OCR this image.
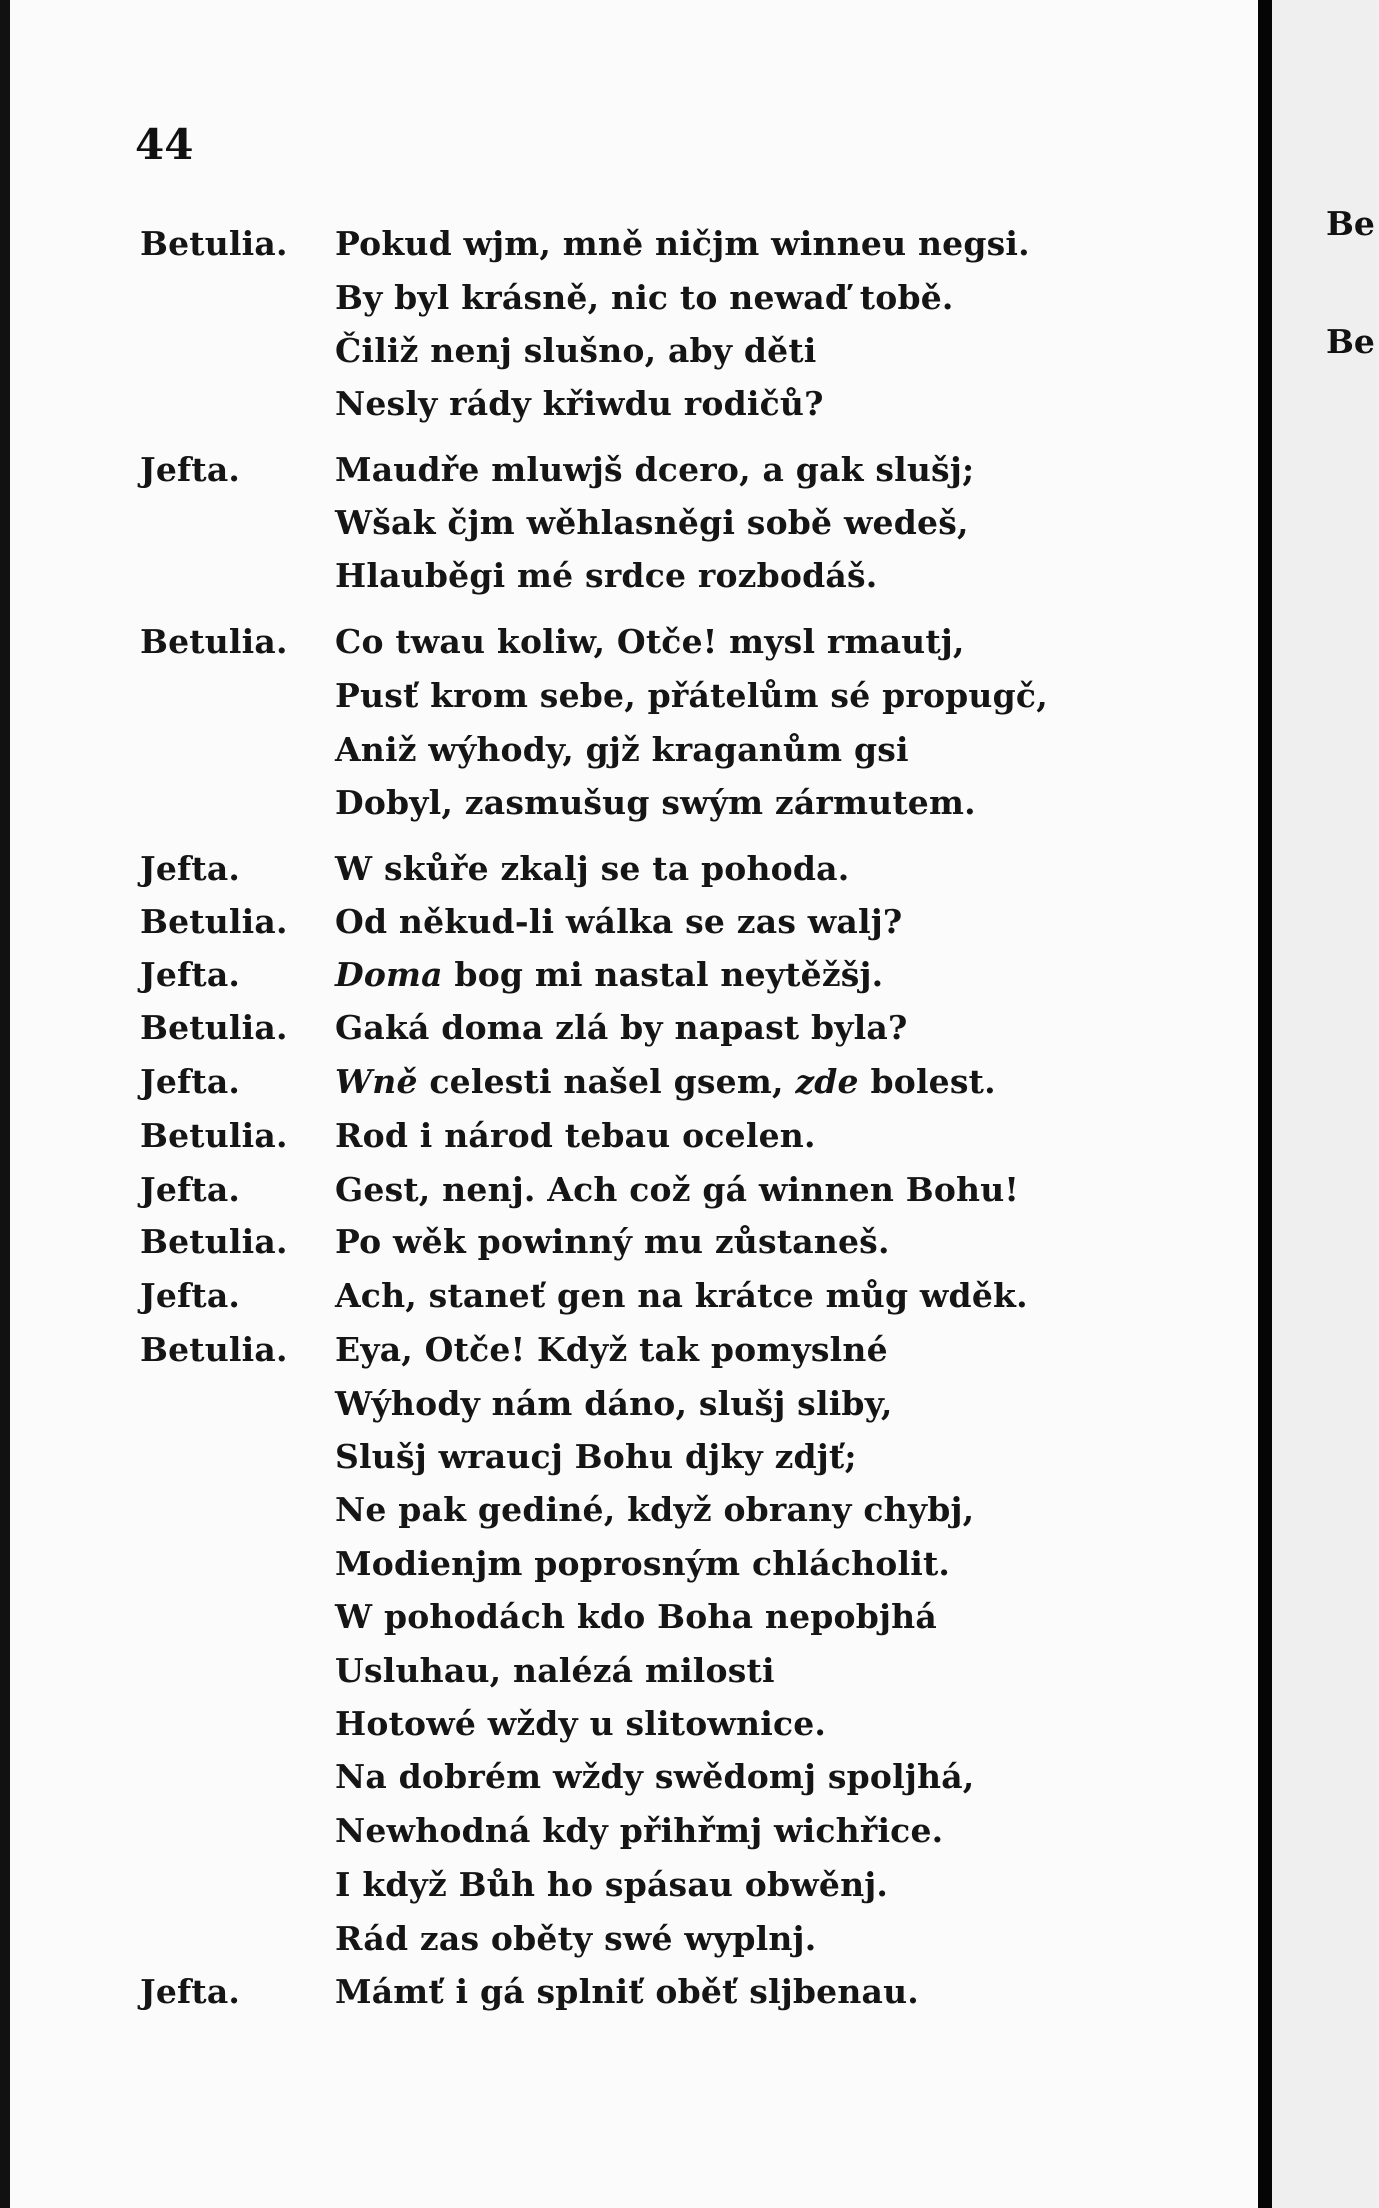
44
Betulia. Pokud wjm, mně ničjm winneu negsi.
By byl krásně, nic to newaď tobě.
Čiliž nenj slušno, aby děti
Nesly rády křiwdu rodičů?
Jefta.	Maudře mluwjš dcero, a gak slušj;
Wšak čjm wěhlasněgi sobě wedeš,
Hlauběgi mé srdce rozbodáš.
Betulia. Co twau koliw, Otče! mysl rmautj,
Pusť krom sebe, přátelům sé propugč,
Aniž wýhody, gjž kraganům gsi
Dobyl, zasmušug swým zármutem.
Jefta.	W skůře zkalj se ta pohoda.
Betulia. Od někud-li wálka se zas walj?
Jefta.	Doma bog mi nastal neytěžšj.
Betulia. Gaká doma zlá by napast byla?
Jefta.	Wně celesti našel gsem, zde bolest.
Betulia. Rod i národ tebau ocelen.
Jefta.	Gest, nenj. Ach což gá winnen Bohu!
Betulia. Po wěk powinný mu zůstaneš.
Jefta.	Ach, staneť gen na krátce můg wděk.
Betulia. Eya, Otče! Když tak pomyslné
Wýhody nám dáno, slušj sliby,
Slušj wraucj Bohu djky zdjť;
Ne pak gediné, když obrany chybj,
Modienjm poprosným chlácholit.
W pohodách kdo Boha nepobjhá
Usluhau, nalézá milosti
Hotowé wždy u slitownice.
Na dobrém wždy swědomj spoljhá,
Newhodná kdy přihřmj wichřice.
I když Bůh ho spásau obwěnj.
Rád zas oběty swé wyplnj.
Jefta.	Mámť i gá splniť oběť sljbenau.
Be
Be
